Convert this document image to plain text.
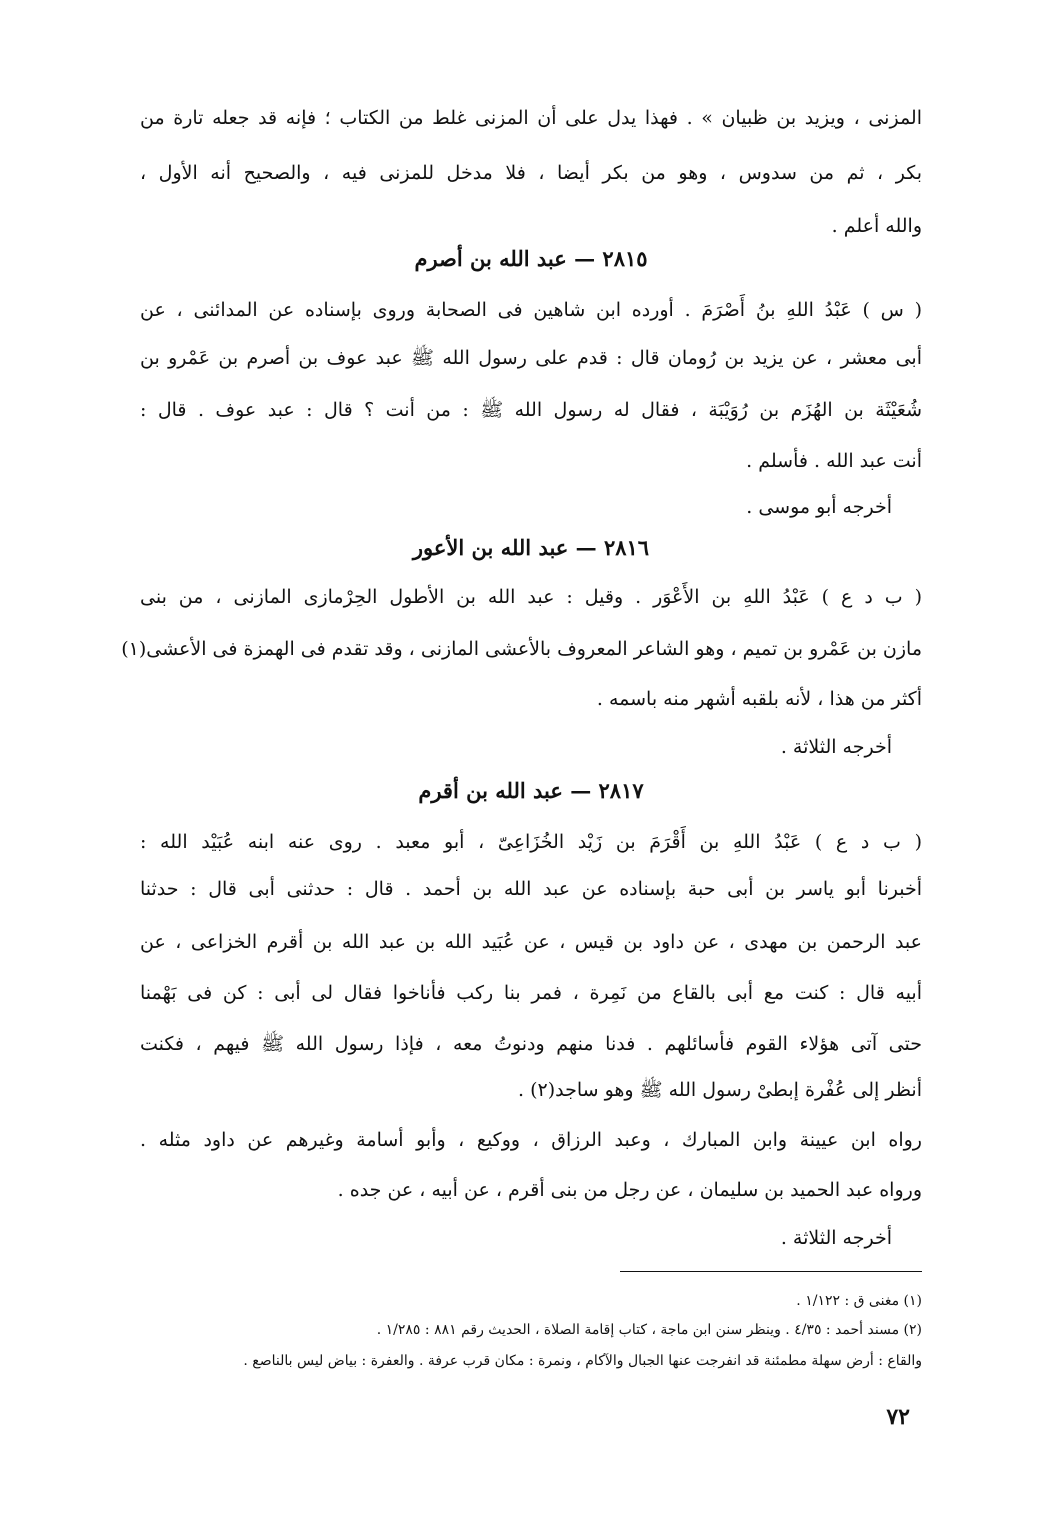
المزنى ، ويزيد بن ظبيان » . فهذا يدل على أن المزنى غلط من الكتاب ؛ فإنه قد جعله تارة من
بكر ، ثم من سدوس ، وهو من بكر أيضا ، فلا مدخل للمزنى فيه ، والصحيح أنه الأول ،
والله أعلم .
٢٨١٥ — عبد الله بن أصرم
( س ) عَبْدُ اللهِ بنُ أَصْرَمَ . أورده ابن شاهين فى الصحابة وروى بإسناده عن المدائنى ، عن
أبى معشر ، عن يزيد بن رُومان قال : قدم على رسول الله ﷺ عبد عوف بن أصرم بن عَمْرو بن
شُعَيْثَة بن الهُزَم بن رُوَيْبَة ، فقال له رسول الله ﷺ : من أنت ؟ قال : عبد عوف . قال :
أنت عبد الله . فأسلم .
أخرجه أبو موسى .
٢٨١٦ — عبد الله بن الأعور
( ب د ع ) عَبْدُ اللهِ بن الأَعْوَر . وقيل : عبد الله بن الأطول الحِرْمازى المازنى ، من بنى
مازن بن عَمْرو بن تميم ، وهو الشاعر المعروف بالأعشى المازنى ، وقد تقدم فى الهمزة فى الأعشى(١)
أكثر من هذا ، لأنه بلقبه أشهر منه باسمه .
أخرجه الثلاثة .
٢٨١٧ — عبد الله بن أقرم
( ب د ع ) عَبْدُ اللهِ بن أَقْرَمَ بن زَيْد الخُزَاعِىّ ، أبو معبد . روى عنه ابنه عُبَيْد الله :
أخبرنا أبو ياسر بن أبى حبة بإسناده عن عبد الله بن أحمد . قال : حدثنى أبى قال : حدثنا
عبد الرحمن بن مهدى ، عن داود بن قيس ، عن عُبَيد الله بن عبد الله بن أقرم الخزاعى ، عن
أبيه قال : كنت مع أبى بالقاع من نَمِرة ، فمر بنا ركب فأناخوا فقال لى أبى : كن فى بَهْمنا
حتى آتى هؤلاء القوم فأسائلهم . فدنا منهم ودنوتُ معه ، فإذا رسول الله ﷺ فيهم ، فكنت
أنظر إلى عُفْرة إبطىْ رسول الله ﷺ وهو ساجد(٢) .
رواه ابن عيينة وابن المبارك ، وعبد الرزاق ، ووكيع ، وأبو أسامة وغيرهم عن داود مثله .
ورواه عبد الحميد بن سليمان ، عن رجل من بنى أقرم ، عن أبيه ، عن جده .
أخرجه الثلاثة .
(١) مغنى ق : ١/١٢٢ .
(٢) مسند أحمد : ٤/٣٥ . وينظر سنن ابن ماجة ، كتاب إقامة الصلاة ، الحديث رقم ٨٨١ : ١/٢٨٥ .
والقاع : أرض سهلة مطمئنة قد انفرجت عنها الجبال والآكام ، ونمرة : مكان قرب عرفة . والعفرة : بياض ليس بالناصع .
٧٢
